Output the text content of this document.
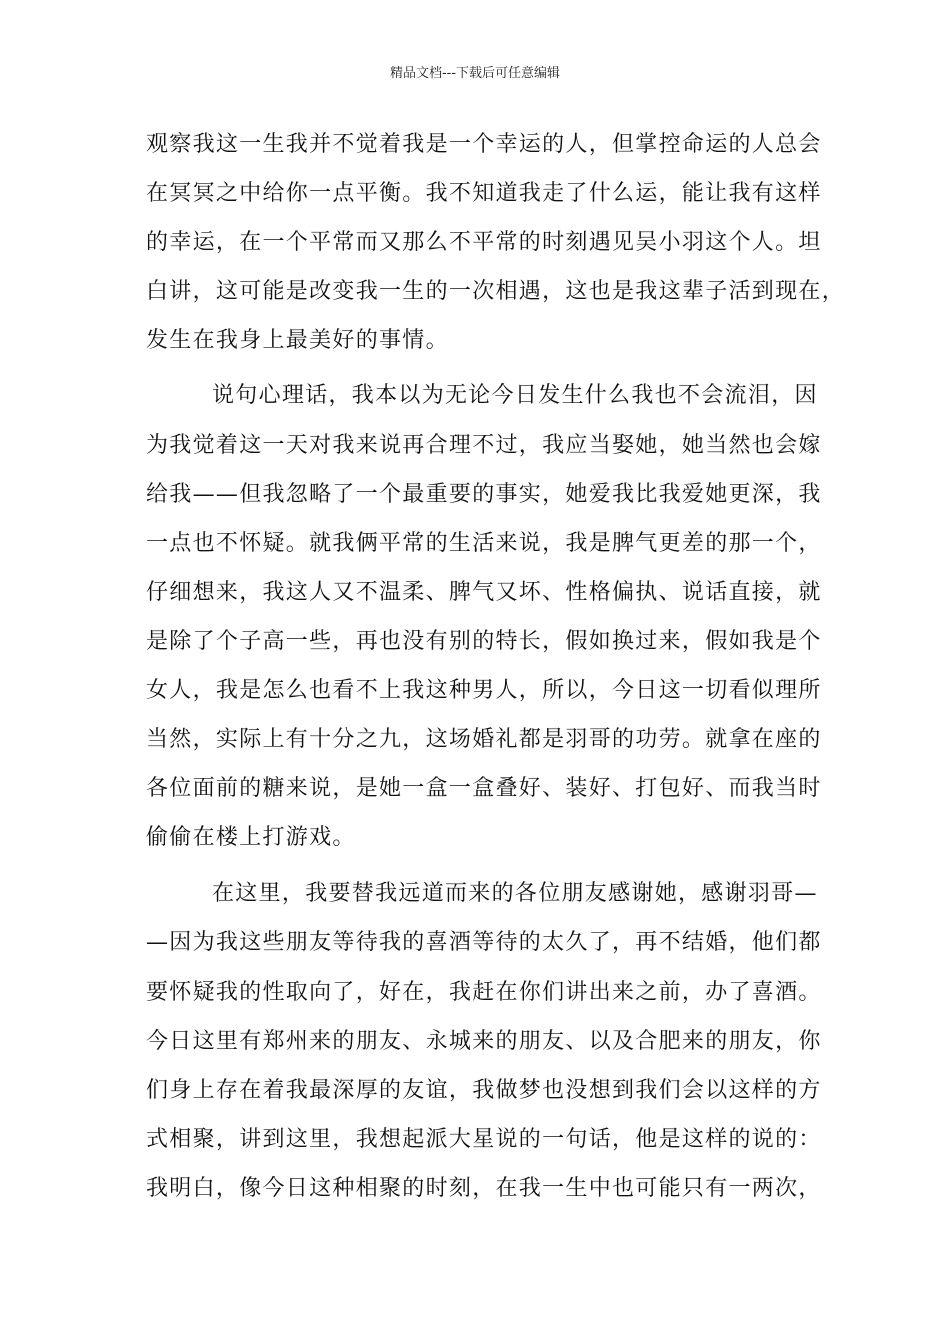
精品文档---下载后可任意编辑
观察我这一生我并不觉着我是一个幸运的人，但掌控命运的人总会
在冥冥之中给你一点平衡。我不知道我走了什么运，能让我有这样
的幸运，在一个平常而又那么不平常的时刻遇见吴小羽这个人。坦
白讲，这可能是改变我一生的一次相遇，这也是我这辈子活到现在，
发生在我身上最美好的事情。
说句心理话，我本以为无论今日发生什么我也不会流泪，因
为我觉着这一天对我来说再合理不过，我应当娶她，她当然也会嫁
给我——但我忽略了一个最重要的事实，她爱我比我爱她更深，我
一点也不怀疑。就我俩平常的生活来说，我是脾气更差的那一个，
仔细想来，我这人又不温柔、脾气又坏、性格偏执、说话直接，就
是除了个子高一些，再也没有别的特长，假如换过来，假如我是个
女人，我是怎么也看不上我这种男人，所以，今日这一切看似理所
当然，实际上有十分之九，这场婚礼都是羽哥的功劳。就拿在座的
各位面前的糖来说，是她一盒一盒叠好、装好、打包好、而我当时
偷偷在楼上打游戏。
在这里，我要替我远道而来的各位朋友感谢她，感谢羽哥—
—因为我这些朋友等待我的喜酒等待的太久了，再不结婚，他们都
要怀疑我的性取向了，好在，我赶在你们讲出来之前，办了喜酒。
今日这里有郑州来的朋友、永城来的朋友、以及合肥来的朋友，你
们身上存在着我最深厚的友谊，我做梦也没想到我们会以这样的方
式相聚，讲到这里，我想起派大星说的一句话，他是这样的说的：
我明白，像今日这种相聚的时刻，在我一生中也可能只有一两次，
